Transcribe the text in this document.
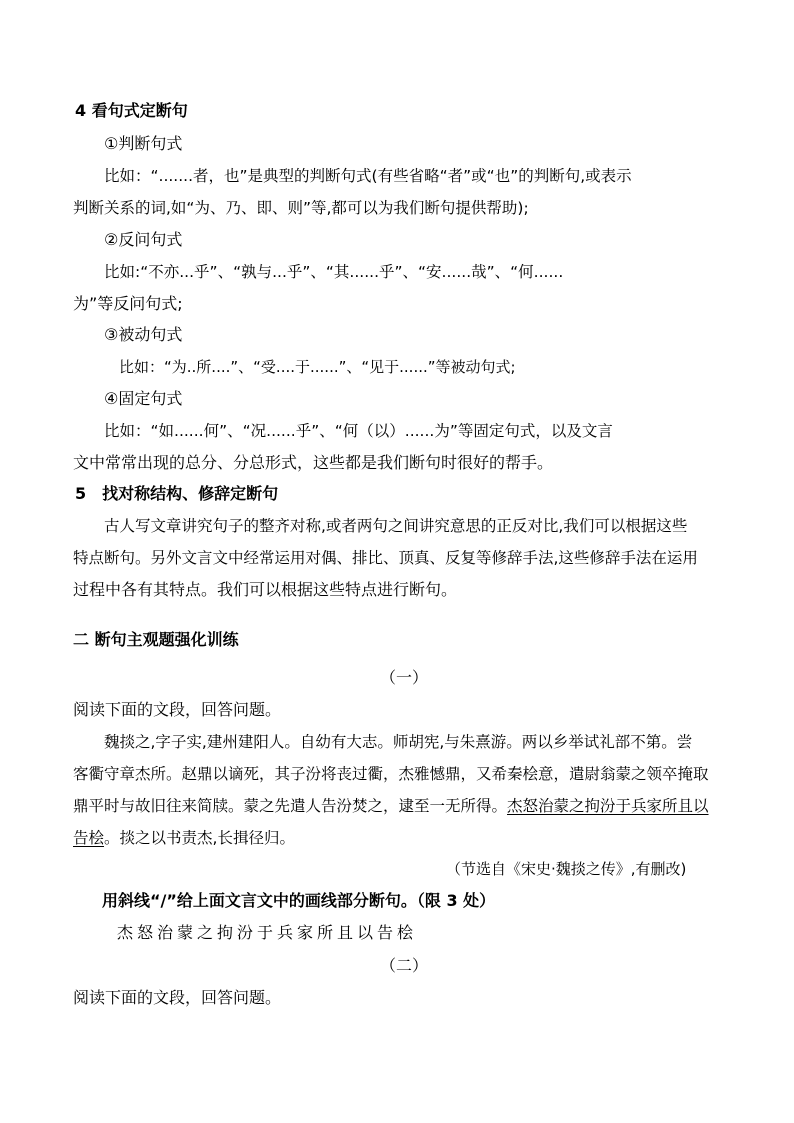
4 看句式定断句
①判断句式
比如：“.......者，也”是典型的判断句式(有些省略“者”或“也”的判断句,或表示
判断关系的词,如“为、乃、即、则”等,都可以为我们断句提供帮助);
②反问句式
比如:“不亦...乎”、“孰与...乎”、“其......乎”、“安......哉”、“何......
为”等反问句式;
③被动句式
比如：“为..所....”、“受....于......”、“见于......”等被动句式;
④固定句式
比如：“如......何”、“况......乎”、“何（以）......为”等固定句式，以及文言
文中常常出现的总分、分总形式，这些都是我们断句时很好的帮手。
5　找对称结构、修辞定断句
古人写文章讲究句子的整齐对称,或者两句之间讲究意思的正反对比,我们可以根据这些
特点断句。另外文言文中经常运用对偶、排比、顶真、反复等修辞手法,这些修辞手法在运用
过程中各有其特点。我们可以根据这些特点进行断句。
二 断句主观题强化训练
（一）
阅读下面的文段，回答问题。
魏掞之,字子实,建州建阳人。自幼有大志。师胡宪,与朱熹游。两以乡举试礼部不第。尝
客衢守章杰所。赵鼎以谪死，其子汾将丧过衢，杰雅憾鼎，又希秦桧意，遣尉翁蒙之领卒掩取
鼎平时与故旧往来简牍。蒙之先遣人告汾焚之，逮至一无所得。杰怒治蒙之拘汾于兵家所且以
告桧。掞之以书责杰,长揖径归。
（节选自《宋史·魏掞之传》,有删改)
用斜线“/”给上面文言文中的画线部分断句。（限 3 处）
杰怒治蒙之拘汾于兵家所且以告桧
（二）
阅读下面的文段，回答问题。
